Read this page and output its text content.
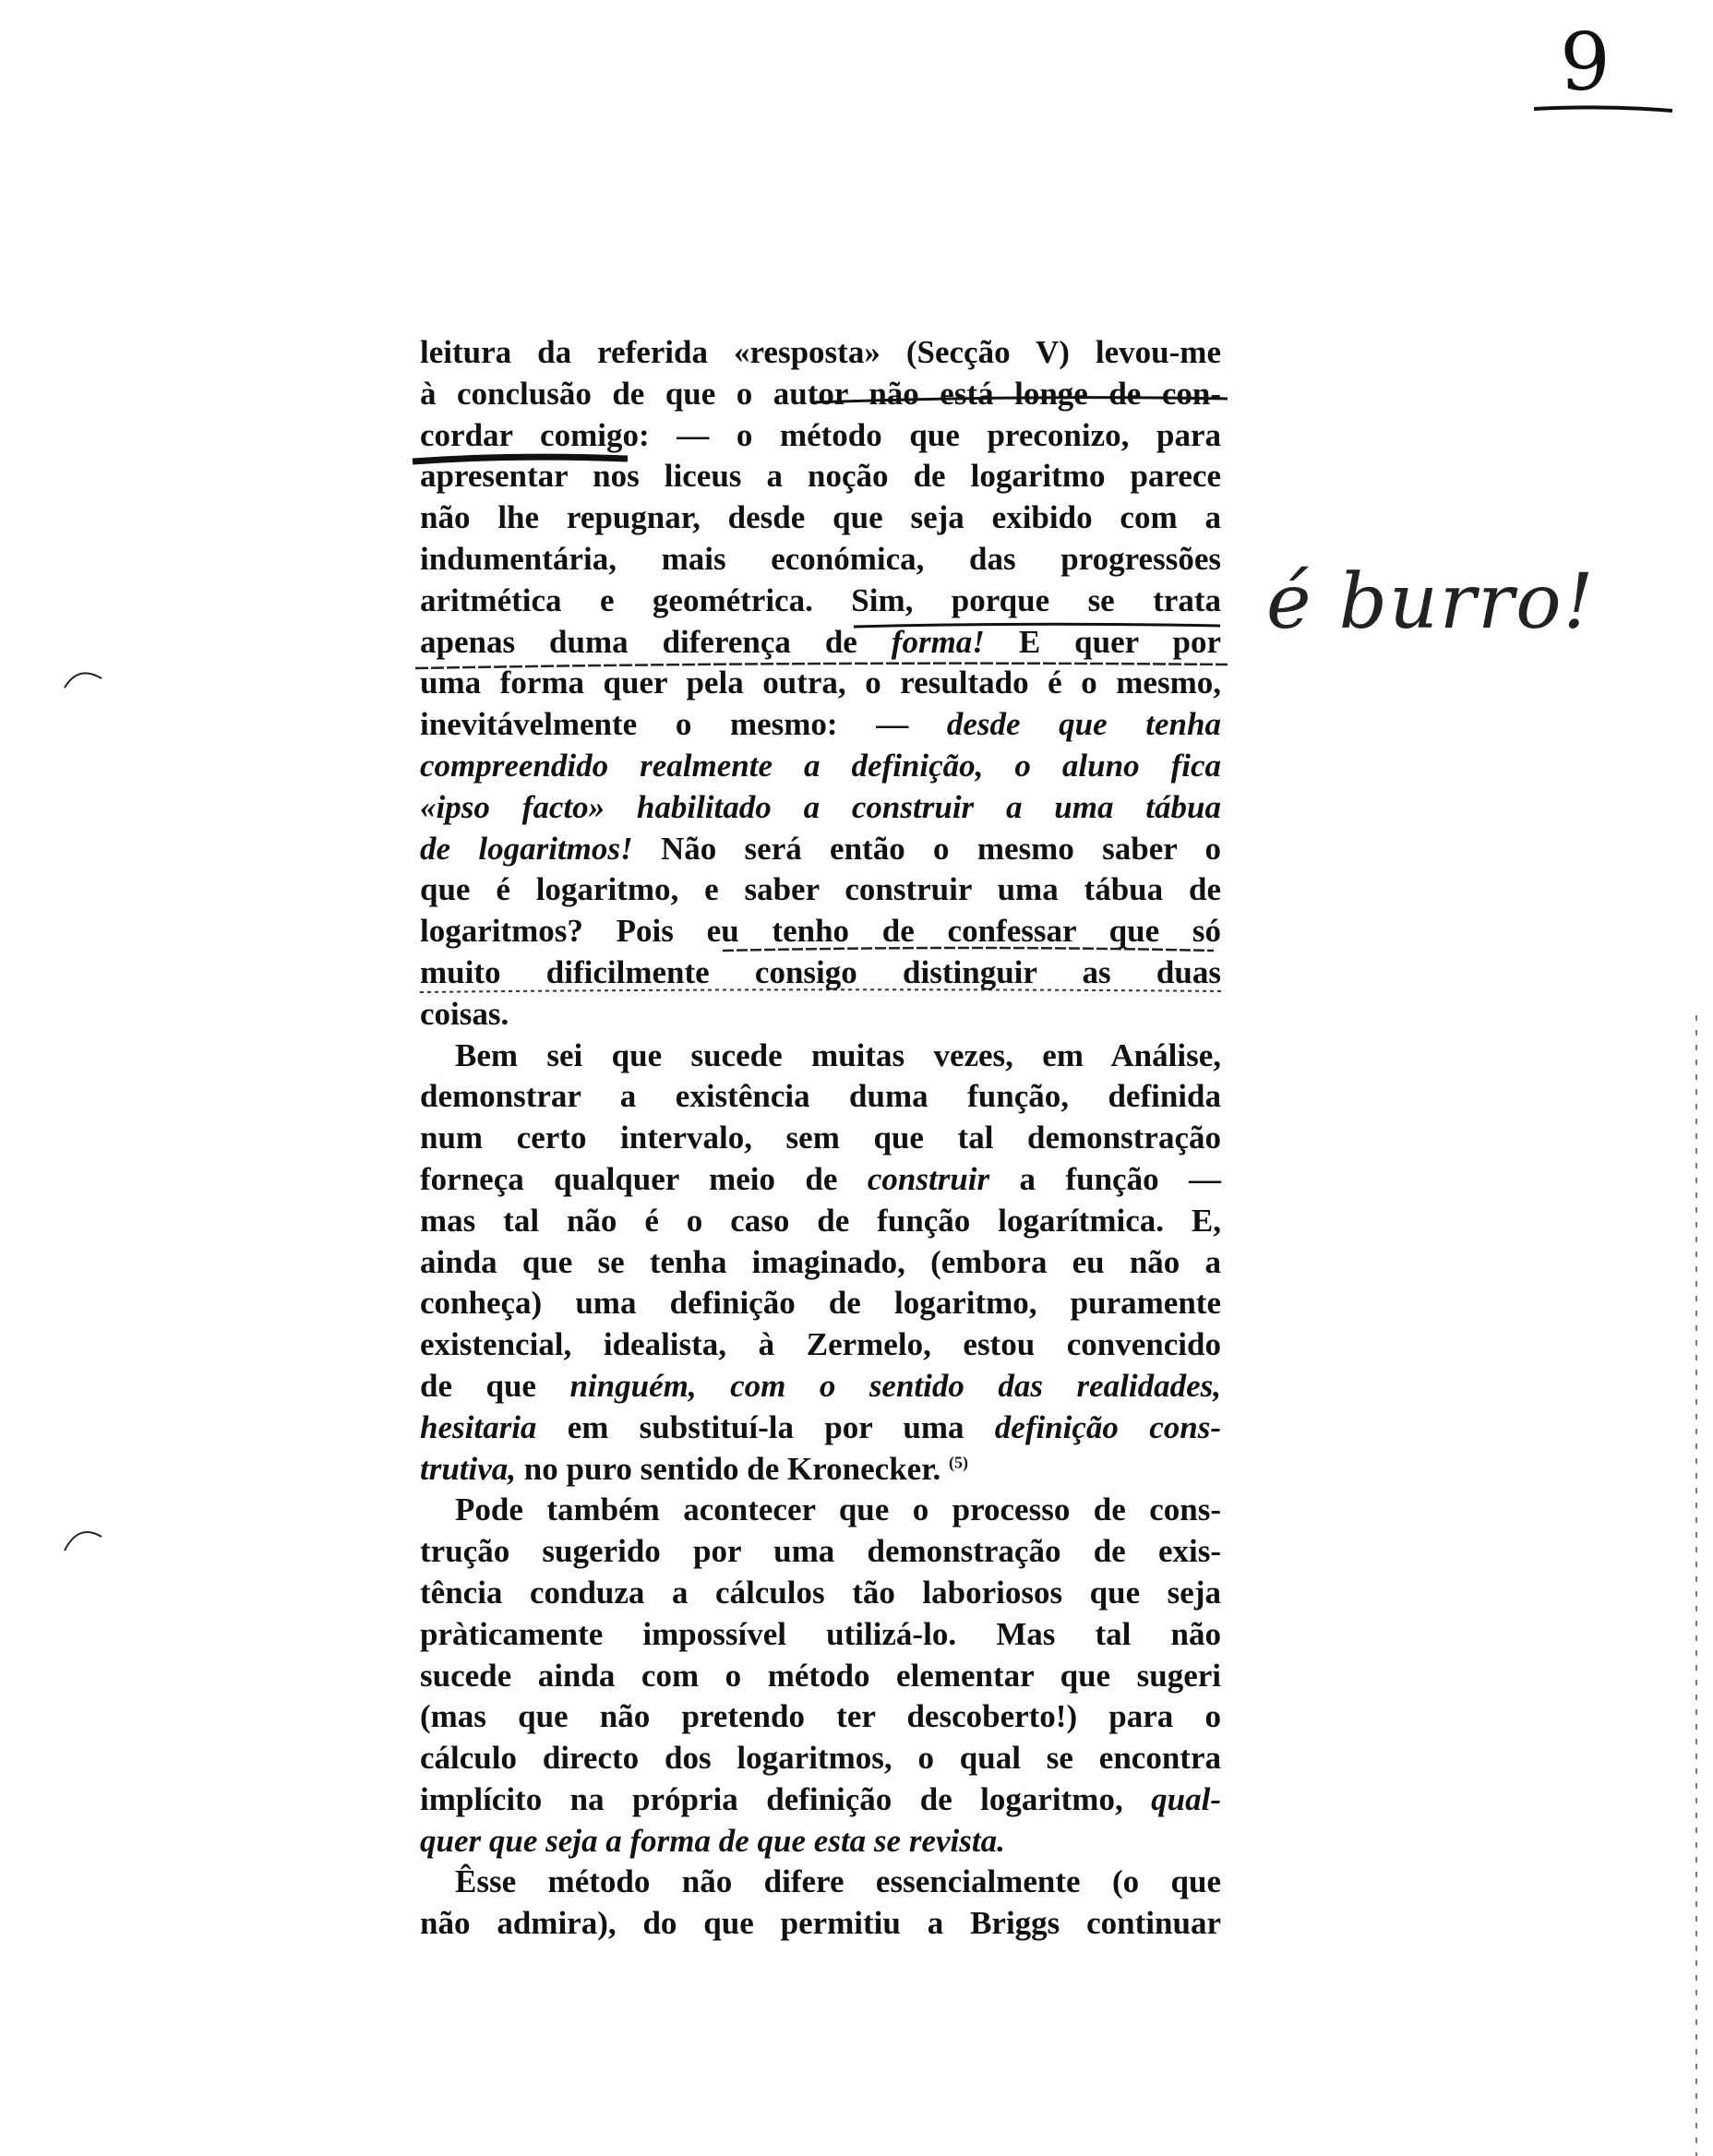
9
é burro!
leitura da referida «resposta» (Secção V) levou-me
à conclusão de que o autor não está longe de con-
cordar comigo: — o método que preconizo, para
apresentar nos liceus a noção de logaritmo parece
não lhe repugnar, desde que seja exibido com a
indumentária, mais económica, das progressões
aritmética e geométrica. Sim, porque se trata
apenas duma diferença de forma! E quer por
uma forma quer pela outra, o resultado é o mesmo,
inevitávelmente o mesmo: — desde que tenha
compreendido realmente a definição, o aluno fica
«ipso facto» habilitado a construir a uma tábua
de logaritmos! Não será então o mesmo saber o
que é logaritmo, e saber construir uma tábua de
logaritmos? Pois eu tenho de confessar que só
muito dificilmente consigo distinguir as duas
coisas.
Bem sei que sucede muitas vezes, em Análise,
demonstrar a existência duma função, definida
num certo intervalo, sem que tal demonstração
forneça qualquer meio de construir a função —
mas tal não é o caso de função logarítmica. E,
ainda que se tenha imaginado, (embora eu não a
conheça) uma definição de logaritmo, puramente
existencial, idealista, à Zermelo, estou convencido
de que ninguém, com o sentido das realidades,
hesitaria em substituí-la por uma definição cons-
trutiva, no puro sentido de Kronecker. $^{(5)}$
Pode também acontecer que o processo de cons-
trução sugerido por uma demonstração de exis-
tência conduza a cálculos tão laboriosos que seja
pràticamente impossível utilizá-lo. Mas tal não
sucede ainda com o método elementar que sugeri
(mas que não pretendo ter descoberto!) para o
cálculo directo dos logaritmos, o qual se encontra
implícito na própria definição de logaritmo, qual-
quer que seja a forma de que esta se revista.
Êsse método não difere essencialmente (o que
não admira), do que permitiu a Briggs continuar
